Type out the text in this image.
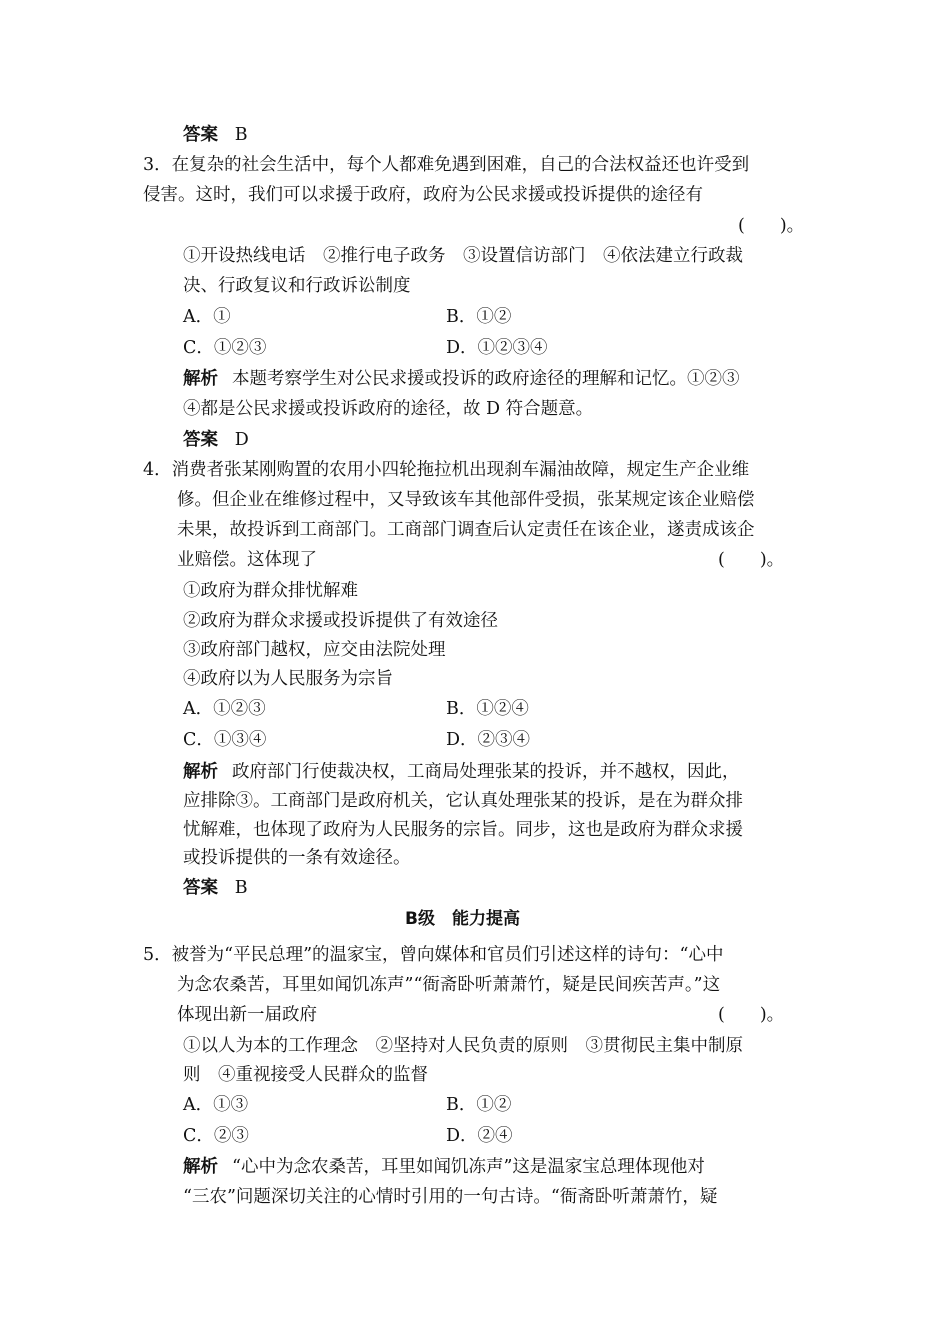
答案 B
3．在复杂的社会生活中，每个人都难免遇到困难，自己的合法权益还也许受到
侵害。这时，我们可以求援于政府，政府为公民求援或投诉提供的途径有
(　　)。
①开设热线电话　②推行电子政务　③设置信访部门　④依法建立行政裁
决、行政复议和行政诉讼制度
A．①	B．①②
C．①②③	D．①②③④
解析 本题考察学生对公民求援或投诉的政府途径的理解和记忆。①②③
④都是公民求援或投诉政府的途径，故 D 符合题意。
答案 D
4．消费者张某刚购置的农用小四轮拖拉机出现刹车漏油故障，规定生产企业维
修。但企业在维修过程中，又导致该车其他部件受损，张某规定该企业赔偿
未果，故投诉到工商部门。工商部门调查后认定责任在该企业，遂责成该企
业赔偿。这体现了	(　　)。
①政府为群众排忧解难
②政府为群众求援或投诉提供了有效途径
③政府部门越权，应交由法院处理
④政府以为人民服务为宗旨
A．①②③	B．①②④
C．①③④	D．②③④
解析 政府部门行使裁决权，工商局处理张某的投诉，并不越权，因此，
应排除③。工商部门是政府机关，它认真处理张某的投诉，是在为群众排
忧解难，也体现了政府为人民服务的宗旨。同步，这也是政府为群众求援
或投诉提供的一条有效途径。
答案 B
B级　能力提高
5．被誉为“平民总理”的温家宝，曾向媒体和官员们引述这样的诗句：“心中
为念农桑苦，耳里如闻饥冻声”“衙斋卧听萧萧竹，疑是民间疾苦声。”这
体现出新一届政府	(　　)。
①以人为本的工作理念　②坚持对人民负责的原则　③贯彻民主集中制原
则　④重视接受人民群众的监督
A．①③	B．①②
C．②③	D．②④
解析 “心中为念农桑苦，耳里如闻饥冻声”这是温家宝总理体现他对
“三农”问题深切关注的心情时引用的一句古诗。“衙斋卧听萧萧竹，疑
